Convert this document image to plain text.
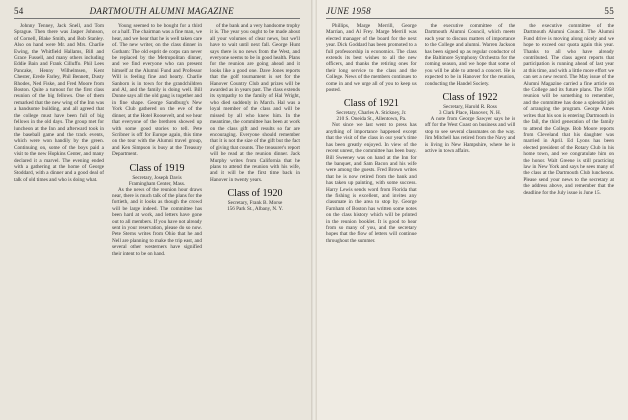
54	DARTMOUTH ALUMNI MAGAZINE

Johnny Tenney, Jack Snell, and Tom Sprague. Then there was Jasper Johnson, of Cornell, Blake Smith, and Bob Stanley. Also on hand were Mr. and Mrs. Charlie Ewing, the Whitfield Hallams, Bill and Grace Fussell, and many others including Eddie Bain and Frank Cilluffo. Phil Lees Pancake, Henny Wilhelmsen, Kent Chester, Erede Farley, Phil Bennett, Dusty Rhodes, Ned Fiske, and Fred Moore from Boston. Quite a turnout for the first class reunion of the big fellows. One of them remarked that the new wing of the Inn was a handsome building, and all agreed that the college must have been full of big fellows in the old days. The group met for luncheon at the Inn and afterward took in the baseball game and the track events, which were won handily by the green. Continuing on, some of the boys paid a visit to the new Hopkins Center, and many declared it a marvel. The evening ended with a gathering at the home of George Stoddard, with a dinner and a good deal of talk of old times and who is doing what.

Young seemed to be bought for a third or a half. The chairman was a fine man, we hear, and we hear that he is well taken care of. The new writer, on the class dinner in Gotham: The old esprit de corps can never be replaced by the Metropolitan dinner, and we find everyone who can present himself at the Alumni Fund and Professor Will is feeling fine and hearty. Charlie Sanborn is in town for the grandchildren and Al, and the family is doing well. Bill Dunne says all the old gang is together and in fine shape. George Sandburg's New York Club gathered on the eve of the dinner, at the Hotel Roosevelt, and we hear that everyone of the brethren showed up with some good stories to tell. Pete Scribner is off for Europe again, this time on the tour with the Alumni travel group, and Ken Simpson is busy at the Treasury Department.

Class of 1919
Secretary, Joseph Davis
Framingham Center, Mass.

As the news of the reunion hour draws near, there is much talk of the plans for the fortieth, and it looks as though the crowd will be large indeed. The committee has been hard at work, and letters have gone out to all members. If you have not already sent in your reservation, please do so now. Pete Sterns writes from Ohio that he and Nell are planning to make the trip east, and several other westerners have signified their intent to be on hand.

of the bank and a very handsome trophy it is. The year you ought to be made about all your volumes of clear news, but we'll have to wait until next fall. George Hunt says there is no news from the West, and everyone seems to be in good health. Plans for the reunion are going ahead and it looks like a good one. Dave Jones reports that the golf tournament is set for the Hanover Country Club and prizes will be awarded as in years past. The class extends its sympathy to the family of Hal Wright, who died suddenly in March. Hal was a loyal member of the class and will be missed by all who knew him. In the meantime, the committee has been at work on the class gift and results so far are encouraging. Everyone should remember that it is not the size of the gift but the fact of giving that counts. The treasurer's report will be read at the reunion dinner. Jack Murphy writes from California that he plans to attend the reunion with his wife, and it will be the first time back in Hanover in twenty years.

Class of 1920
Secretary, Frank B. Morse
156 Park St., Albany, N. Y.
JUNE 1958	55

Phillips, Marge Merrill, George Marrian, and Al Frey. Marge Merrill was elected manager of the board for the next year. Dick Goddard has been promoted to a full professorship in economics. The class extends its best wishes to all the new officers, and thanks the retiring ones for their long service to the class and the College. News of the members continues to come in and we urge all of you to keep us posted.

Class of 1921
Secretary, Charles A. Stickney, Jr.
210 S. Oneida St., Allentown, Pa.

Not since we last went to press has anything of importance happened except that the visit of the class in our year's time has been greatly enjoyed. In view of the recent unrest, the committee has been busy. Bill Sweeney was on hand at the Inn for the banquet, and Sam Bacon and his wife were among the guests. Fred Brown writes that he is now retired from the bank and has taken up painting, with some success. Harry Lewis sends word from Florida that the fishing is excellent, and invites any classmate in the area to stop by. George Farnham of Boston has written some notes on the class history which will be printed in the reunion booklet. It is good to hear from so many of you, and the secretary hopes that the flow of letters will continue throughout the summer.

the executive committee of the Dartmouth Alumni Council, which meets each year to discuss matters of importance to the College and alumni. Warren Jackson has been signed up as regular conductor of the Baltimore Symphony Orchestra for the coming season, and we hope that some of you will be able to attend a concert. He is expected to be in Hanover for the reunion, conducting the Handel Society.

Class of 1922
Secretary, Harold R. Ross
3 Clark Place, Hanover, N. H.

A note from George Sawyer says he is off for the West Coast on business and will stop to see several classmates on the way. Jim Mitchell has retired from the Navy and is living in New Hampshire, where he is active in town affairs.

the executive committee of the Dartmouth Alumni Council. The Alumni Fund drive is moving along nicely and we hope to exceed our quota again this year. Thanks to all who have already contributed. The class agent reports that participation is running ahead of last year at this time, and with a little more effort we can set a new record. The May issue of the Alumni Magazine carried a fine article on the College and its future plans. The 1958 reunion will be something to remember, and the committee has done a splendid job of arranging the program. George Ames writes that his son is entering Dartmouth in the fall, the third generation of the family to attend the College. Bob Moore reports from Cleveland that his daughter was married in April. Ed Lyons has been elected president of the Rotary Club in his home town, and we congratulate him on the honor. Walt Greene is still practicing law in New York and says he sees many of the class at the Dartmouth Club luncheons. Please send your news to the secretary at the address above, and remember that the deadline for the July issue is June 15.
